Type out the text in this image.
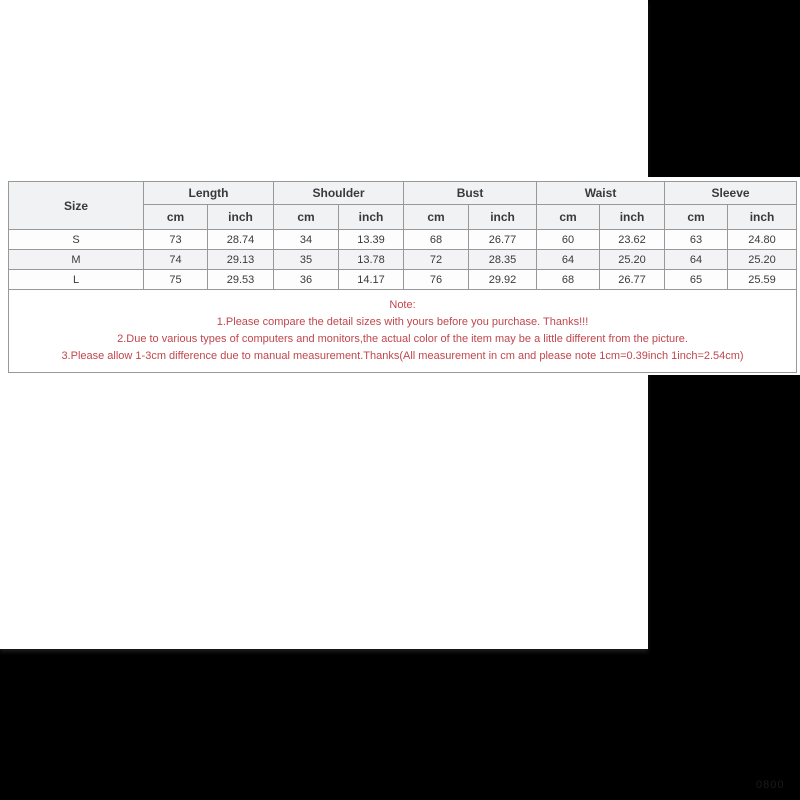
Size	Length		Shoulder		Bust		Waist		Sleeve	
	cm	inch	cm	inch	cm	inch	cm	inch	cm	inch
S	73	28.74	34	13.39	68	26.77	60	23.62	63	24.80
M	74	29.13	35	13.78	72	28.35	64	25.20	64	25.20
L	75	29.53	36	14.17	76	29.92	68	26.77	65	25.59

Note:
1.Please compare the detail sizes with yours before you purchase. Thanks!!!
2.Due to various types of computers and monitors,the actual color of the item may be a little different from the picture.
3.Please allow 1-3cm difference due to manual measurement.Thanks(All measurement in cm and please note 1cm=0.39inch 1inch=2.54cm)										
0800
